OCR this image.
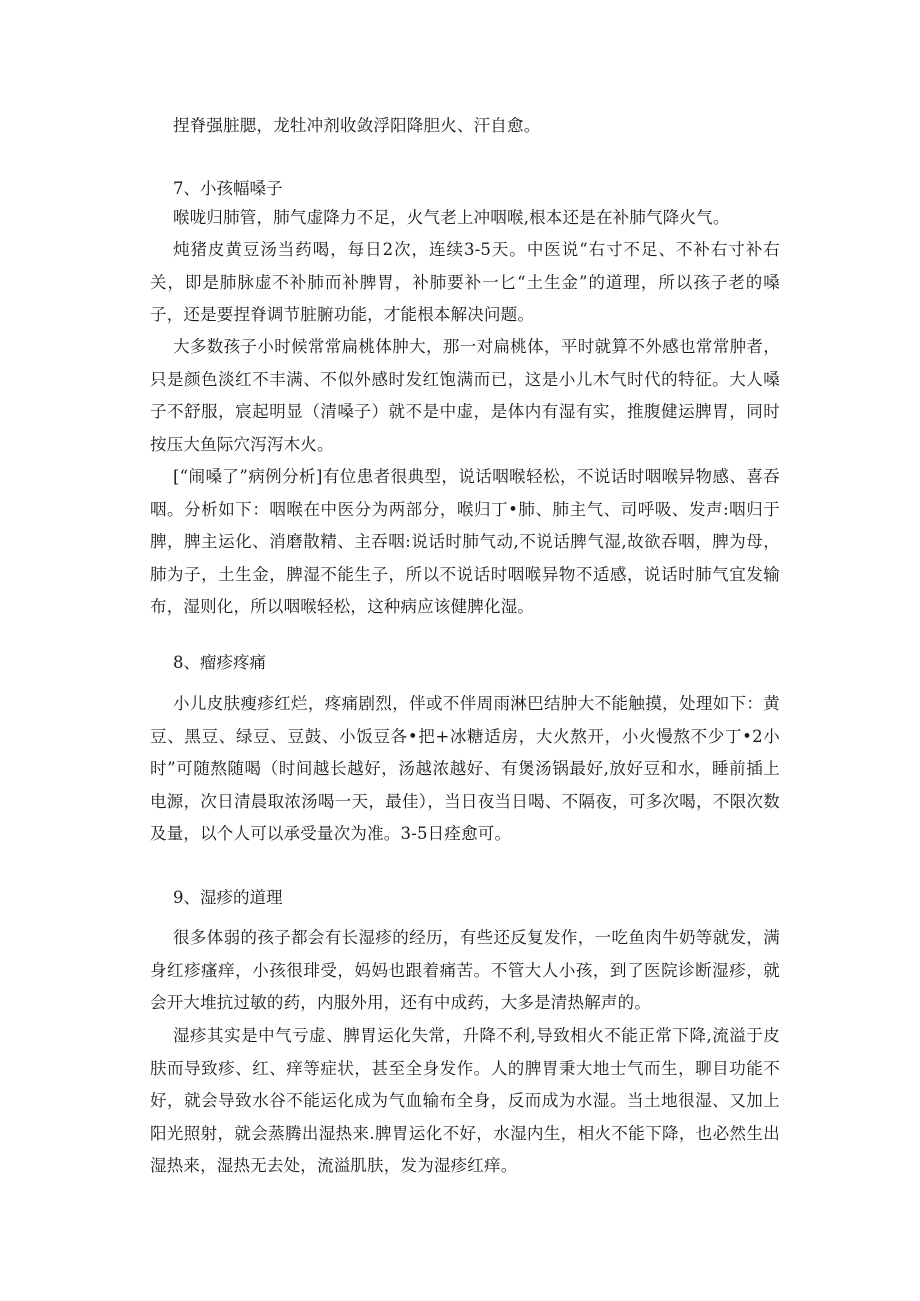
捏脊强脏腮，龙牡冲剂收敛浮阳降胆火、汗自愈。

7、小孩幅嗓子

喉咙归肺管，肺气虚降力不足，火气老上冲咽喉,根本还是在补肺气降火气。

炖猪皮黄豆汤当药喝，每日2次，连续3-5天。中医说“右寸不足、不补右寸补右关，即是肺脉虚不补肺而补脾胃，补肺要补一匕“土生金”的道理，所以孩子老的嗓子，还是要捏脊调节脏腑功能，才能根本解决问题。

大多数孩子小时候常常扁桃体肿大，那一对扁桃体，平时就算不外感也常常肿者，只是颜色淡红不丰满、不似外感时发红饱满而已，这是小儿木气时代的特征。大人嗓子不舒服，宸起明显（清嗓子）就不是中虚，是体内有湿有实，推腹健运脾胃，同时按压大鱼际穴泻泻木火。

[“闹嗓了”病例分析]有位患者很典型，说话咽喉轻松，不说话时咽喉异物感、喜吞咽。分析如下：咽喉在中医分为两部分，喉归丁•肺、肺主气、司呼吸、发声:咽归于脾，脾主运化、消磨散精、主吞咽:说话时肺气动,不说话脾气湿,故欲吞咽，脾为母，肺为子，土生金，脾湿不能生子，所以不说话时咽喉异物不适感，说话时肺气宜发输布，湿则化，所以咽喉轻松，这种病应该健脾化湿。

8、瘤疹疼痛

小儿皮肤瘦疹红烂，疼痛剧烈，伴或不伴周雨淋巴结肿大不能触摸，处理如下：黄豆、黑豆、绿豆、豆鼓、小饭豆各•把+冰糖适房，大火熬开，小火慢熬不少丁•2小时”可随熬随喝（时间越长越好，汤越浓越好、有煲汤锅最好,放好豆和水，睡前插上电源，次日清晨取浓汤喝一天，最佳），当日夜当日喝、不隔夜，可多次喝，不限次数及量，以个人可以承受量次为准。3-5日痊愈可。

9、湿疹的道理

很多体弱的孩子都会有长湿疹的经历，有些还反复发作，一吃鱼肉牛奶等就发，满身红疹瘙痒，小孩很琲受，妈妈也跟着痛苦。不管大人小孩，到了医院诊断湿疹，就会开大堆抗过敏的药，内服外用，还有中成药，大多是清热解声的。

湿疹其实是中气亏虚、脾胃运化失常，升降不利,导致相火不能正常下降,流溢于皮肤而导致疹、红、痒等症状，甚至全身发作。人的脾胃秉大地士气而生，聊目功能不好，就会导致水谷不能运化成为气血输布全身，反而成为水湿。当土地很湿、又加上阳光照射，就会蒸腾出湿热来.脾胃运化不好，水湿内生，相火不能下降，也必然生出湿热来，湿热无去处，流溢肌肤，发为湿疹红痒。
